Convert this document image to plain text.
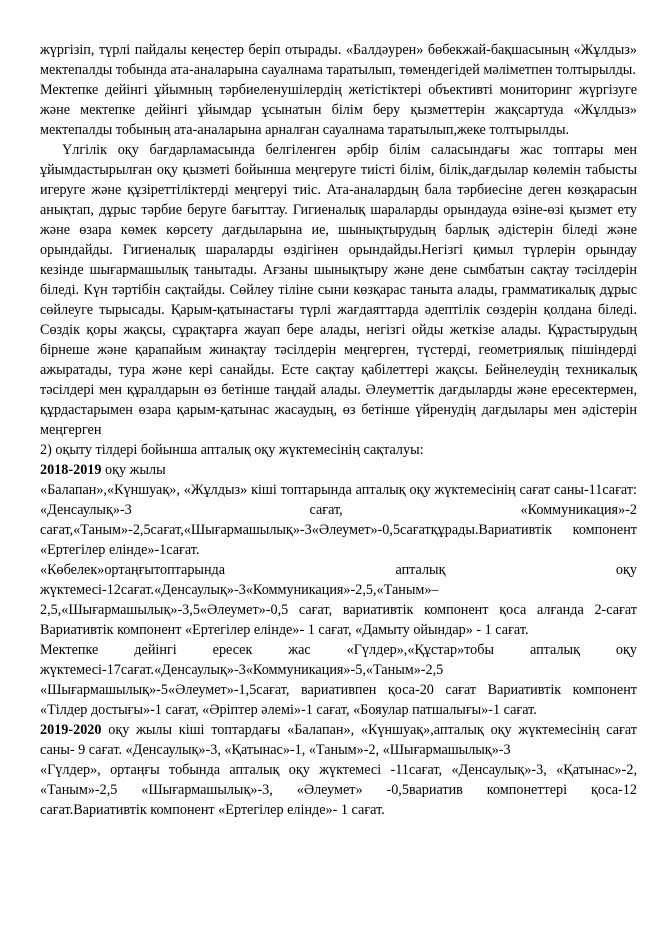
жүргізіп, түрлі пайдалы кеңестер беріп отырады. «Балдәурен» бөбекжай-бақшасының «Жұлдыз» мектепалды тобында ата-аналарына сауалнама таратылып, төмендегідей мәліметпен толтырылды.

Мектепке дейінгі ұйымның тәрбиеленушілердің жетістіктері объективті мониторинг жүргізуге және мектепке дейінгі ұйымдар ұсынатын білім беру қызметтерін жақсартуда «Жұлдыз» мектепалды тобының ата-аналарына арналған сауалнама таратылып,жеке толтырылды.

Үлгілік оқу бағдарламасында белгіленген әрбір білім саласындағы жас топтары мен ұйымдастырылған оқу қызметі бойынша меңгеруге тиісті білім, білік,дағдылар көлемін табысты игеруге және құзіреттіліктерді меңгеруі тиіс. Ата-аналардың бала тәрбиесіне деген көзқарасын анықтап, дұрыс тәрбие беруге бағыттау. Гигиеналық шараларды орындауда өзіне-өзі қызмет ету және өзара көмек көрсету дағдыларына ие, шынықтырудың барлық әдістерін біледі және орындайды. Гигиеналық шараларды өздігінен орындайды.Негізгі қимыл түрлерін орындау кезінде шығармашылық танытады. Ағзаны шынықтыру және дене сымбатын сақтау тәсілдерін біледі. Күн тәртібін сақтайды. Сөйлеу тіліне сыни көзқарас таныта алады, грамматикалық дұрыс сөйлеуге тырысады. Қарым-қатынастағы түрлі жағдаяттарда әдептілік сөздерін қолдана біледі. Сөздік қоры жақсы, сұрақтарға жауап бере алады, негізгі ойды жеткізе алады. Құрастырудың бірнеше және қарапайым жинақтау тәсілдерін меңгерген, түстерді, геометриялық пішіндерді ажыратады, тура және кері санайды. Есте сақтау қабілеттері жақсы. Бейнелеудің техникалық тәсілдері мен құралдарын өз бетінше таңдай алады. Әлеуметтік дағдыларды және ересектермен, құрдастарымен өзара қарым-қатынас жасаудың, өз бетінше үйренудің дағдылары мен әдістерін меңгерген

2) оқыту тілдері бойынша апталық оқу жүктемесінің сақталуы:

2018-2019 оқу жылы

«Балапан»,«Күншуақ», «Жұлдыз» кіші топтарында апталық оқу жүктемесінің сағат саны-11сағат: «Денсаулық»-3 сағат, «Коммуникация»-2 сағат,«Таным»-2,5сағат,«Шығармашылық»-3«Әлеумет»-0,5сағатқұрады.Вариативтік компонент «Ертегілер елінде»-1сағат.

«Көбелек»ортаңғытоптарында апталық оқу жүктемесі-12сағат.«Денсаулық»-3«Коммуникация»-2,5,«Таным»–2,5,«Шығармашылық»-3,5«Әлеумет»-0,5 сағат, вариативтік компонент қоса алғанда 2-сағат Вариативтік компонент «Ертегілер елінде»- 1 сағат, «Дамыту ойындар» - 1 сағат.

Мектепке дейінгі ересек жас «Гүлдер»,«Құстар»тобы апталық оқу жүктемесі-17сағат.«Денсаулық»-3«Коммуникация»-5,«Таным»-2,5 «Шығармашылық»-5«Әлеумет»-1,5сағат, вариативпен қоса-20 сағат Вариативтік компонент «Тілдер достығы»-1 сағат, «Әріптер әлемі»-1 сағат, «Бояулар патшалығы»-1 сағат.

2019-2020 оқу жылы кіші топтардағы «Балапан», «Күншуақ»,апталық оқу жүктемесінің сағат саны- 9 сағат. «Денсаулық»-3, «Қатынас»-1, «Таным»-2, «Шығармашылық»-3

«Гүлдер», ортаңғы тобында апталық оқу жүктемесі -11сағат, «Денсаулық»-3, «Қатынас»-2, «Таным»-2,5 «Шығармашылық»-3, «Әлеумет» -0,5вариатив компонеттері қоса-12 сағат.Вариативтік компонент «Ертегілер елінде»- 1 сағат.
